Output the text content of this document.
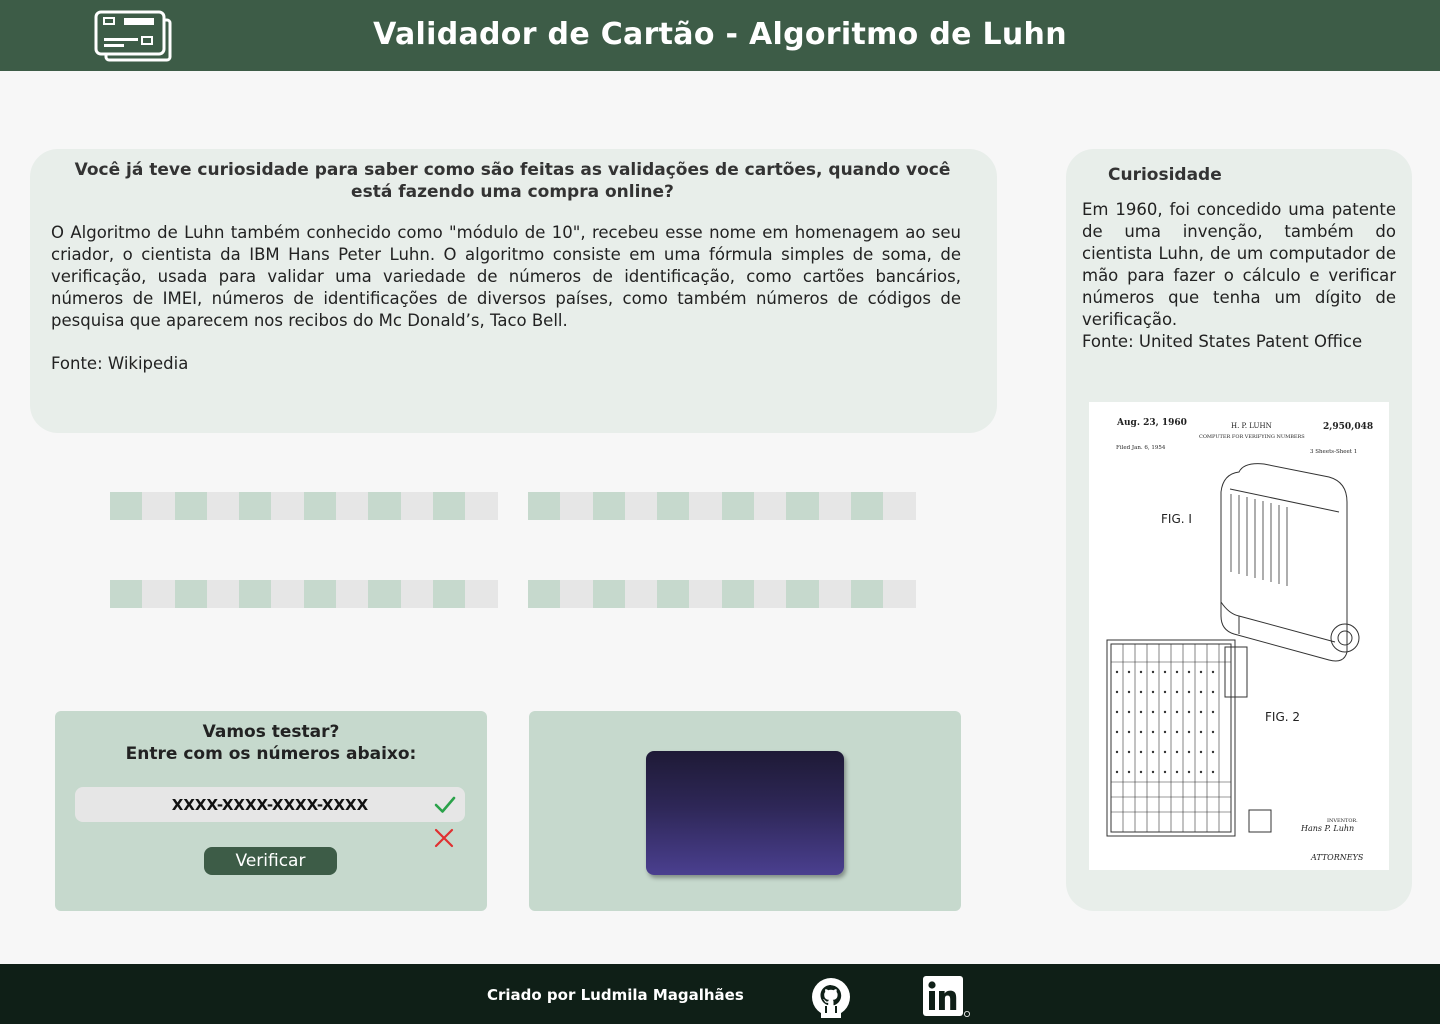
Validador de Cartão - Algoritmo de Luhn
Você já teve curiosidade para saber como são feitas as validações de cartões, quando você está fazendo uma compra online?
O Algoritmo de Luhn também conhecido como "módulo de 10", recebeu esse nome em homenagem ao seu criador, o cientista da IBM Hans Peter Luhn. O algoritmo consiste em uma fórmula simples de soma, de verificação, usada para validar uma variedade de números de identificação, como cartões bancários, números de IMEI, números de identificações de diversos países, como também números de códigos de pesquisa que aparecem nos recibos do Mc Donald’s, Taco Bell.
Fonte: Wikipedia
Vamos testar?
Entre com os números abaixo:
XXXX-XXXX-XXXX-XXXX
Verificar
Curiosidade
Em 1960, foi concedido uma patente de uma invenção, também do cientista Luhn, de um computador de mão para fazer o cálculo e verificar números que tenha um dígito de verificação.
Fonte: United States Patent Office
Aug. 23, 1960	H. P. LUHN	2,950,048
COMPUTER FOR VERIFYING NUMBERS
Filed Jan. 6, 1954
3 Sheets-Sheet 1
FIG. I
FIG. 2
INVENTOR.
Hans P. Luhn
ATTORNEYS
Criado por Ludmila Magalhães
